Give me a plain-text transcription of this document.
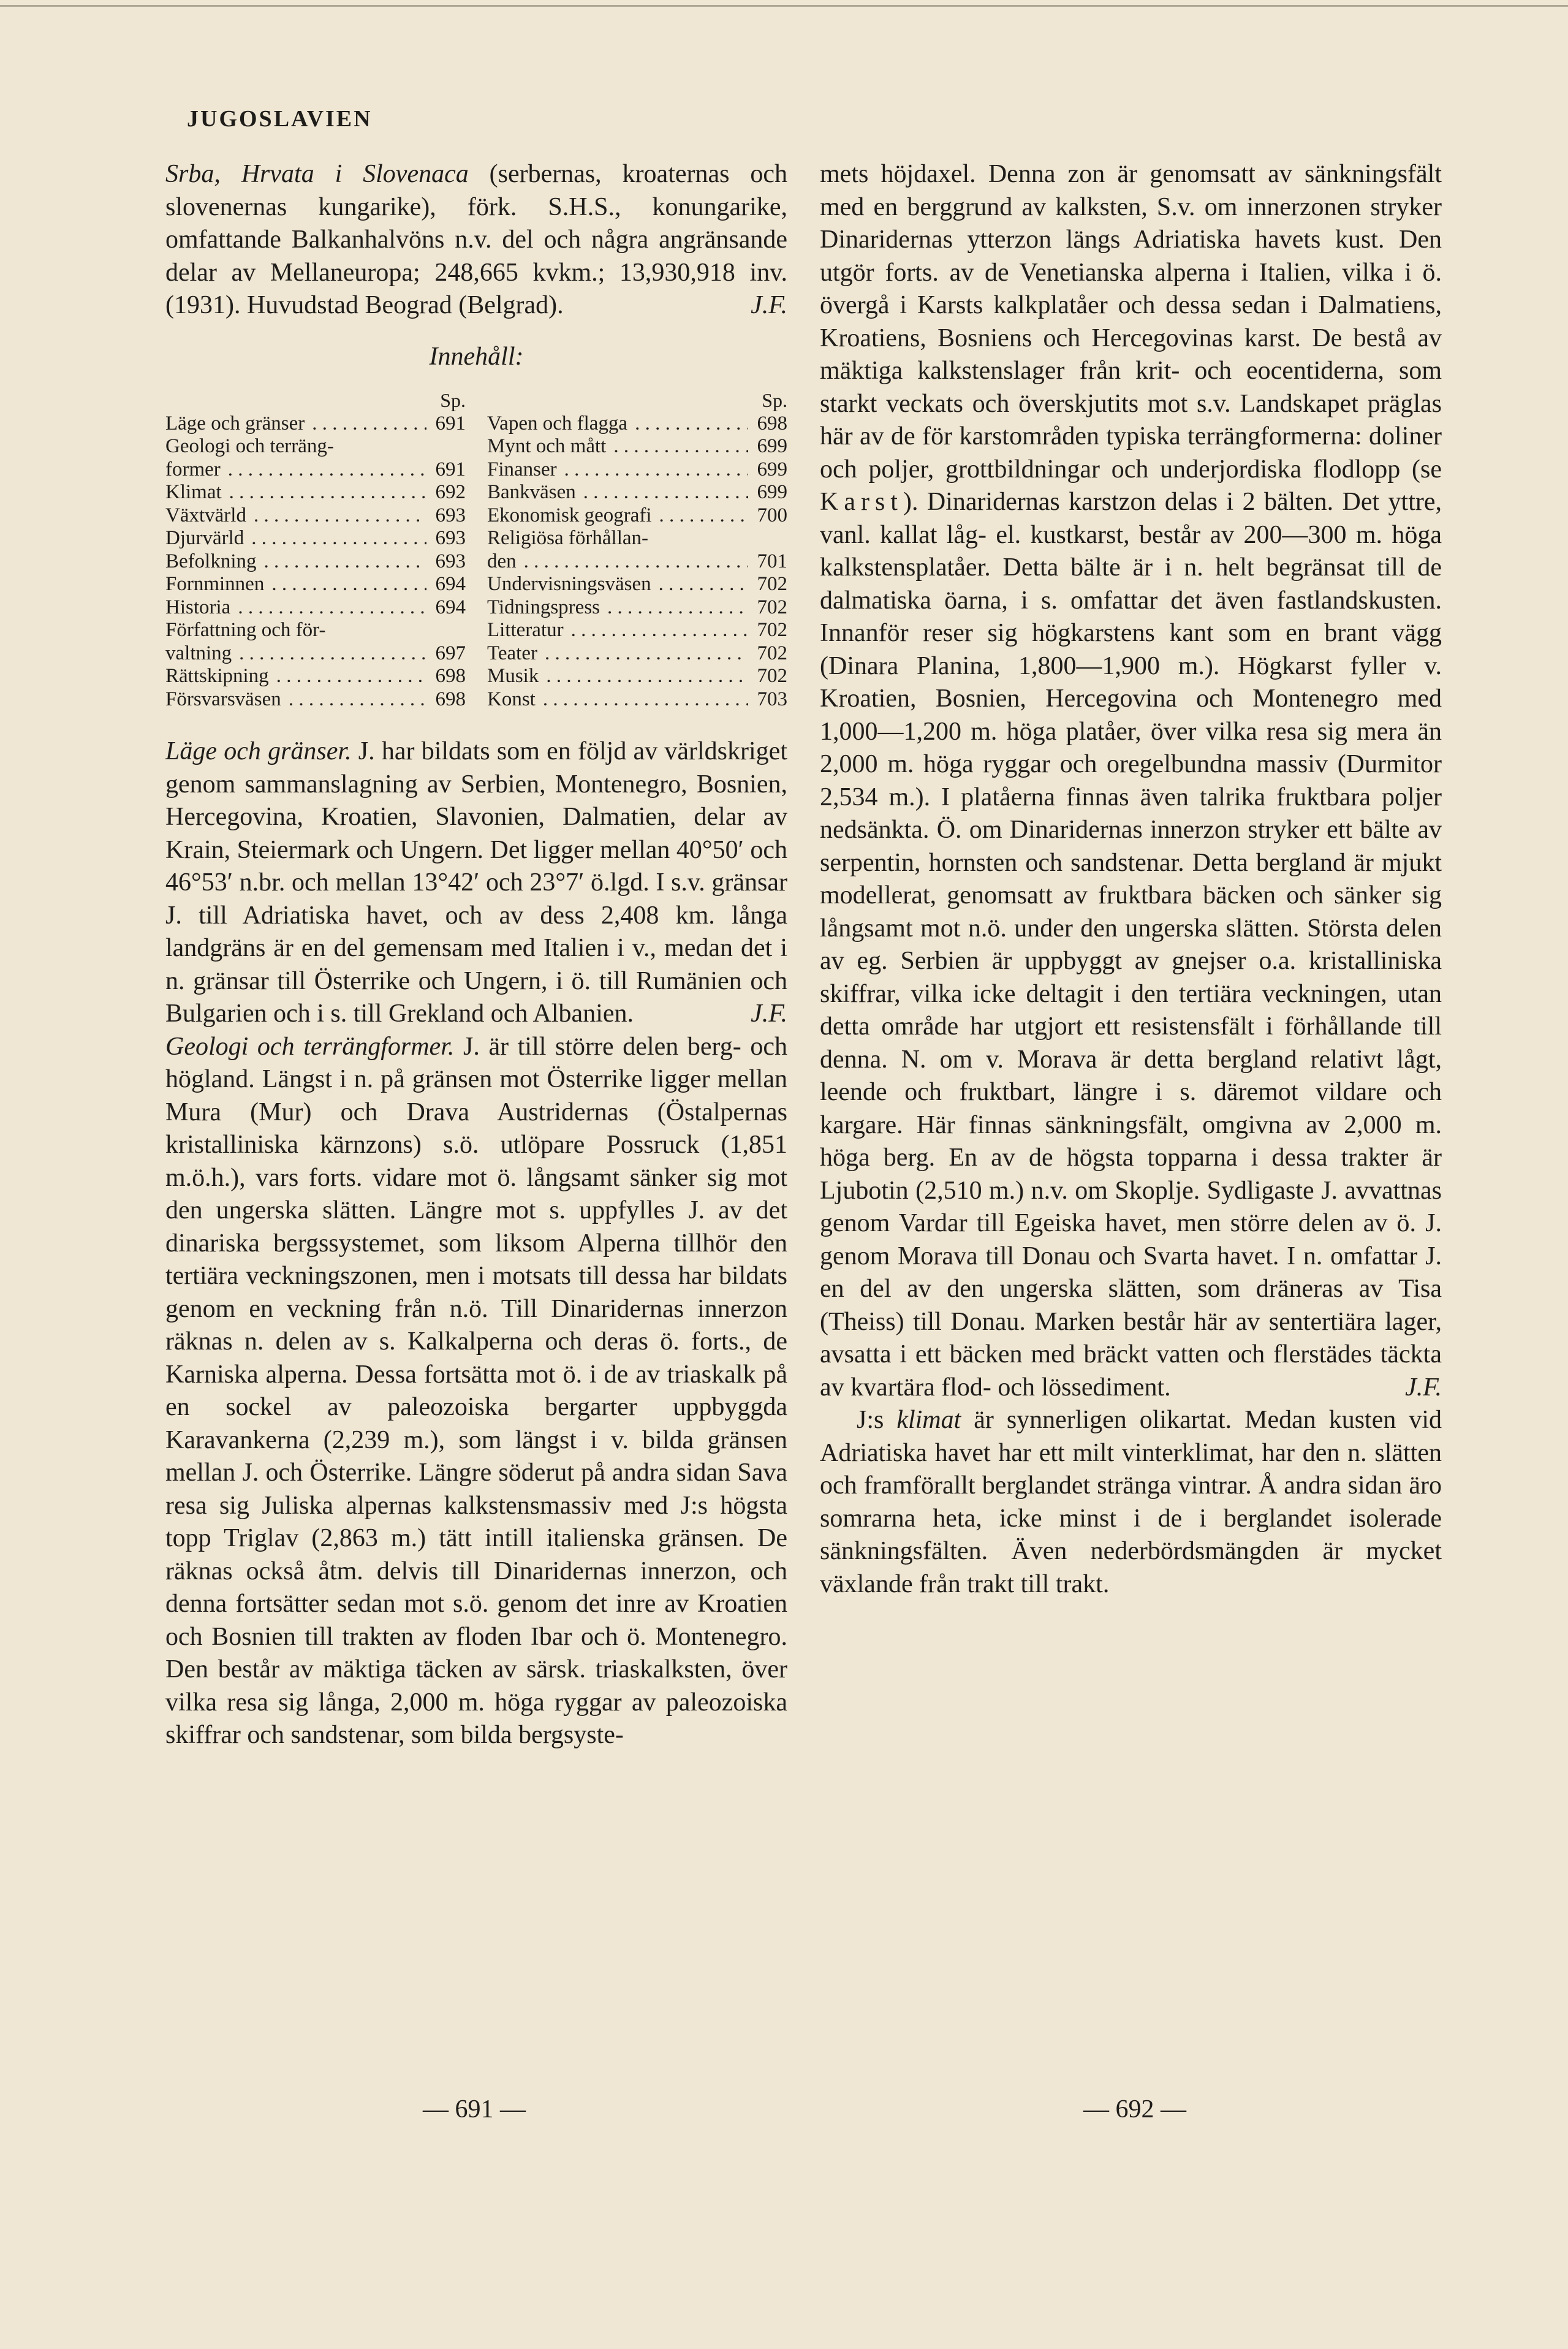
JUGOSLAVIEN

Srba, Hrvata i Slovenaca (serbernas, kroaternas och slovenernas kungarike), förk. S.H.S., konungarike, omfattande Balkanhalvöns n.v. del och några angränsande delar av Mellaneuropa; 248,665 kvkm.; 13,930,918 inv. (1931). Huvudstad Beograd (Belgrad).	J.F.

Innehåll:
Sp.
Läge och gränser . . .	691
Geologi och terräng-
former . . .	691
Klimat . . .	692
Växtvärld . . .	693
Djurvärld . . .	693
Befolkning . . .	693
Fornminnen . . .	694
Historia . . .	694
Författning och för-
valtning . . .	697
Rättskipning . . .	698
Försvarsväsen . . .	698
Sp.
Vapen och flagga . . .	698
Mynt och mått . . .	699
Finanser . . .	699
Bankväsen . . .	699
Ekonomisk geografi . . .	700
Religiösa förhållan-
den . . .	701
Undervisningsväsen . . .	702
Tidningspress . . .	702
Litteratur . . .	702
Teater . . .	702
Musik . . .	702
Konst . . .	703

Läge och gränser. J. har bildats som en följd av världskriget genom sammanslagning av Serbien, Montenegro, Bosnien, Hercegovina, Kroatien, Slavonien, Dalmatien, delar av Krain, Steiermark och Ungern. Det ligger mellan 40°50′ och 46°53′ n.br. och mellan 13°42′ och 23°7′ ö.lgd. I s.v. gränsar J. till Adriatiska havet, och av dess 2,408 km. långa landgräns är en del gemensam med Italien i v., medan det i n. gränsar till Österrike och Ungern, i ö. till Rumänien och Bulgarien och i s. till Grekland och Albanien.	J.F.

Geologi och terrängformer. J. är till större delen berg- och högland. Längst i n. på gränsen mot Österrike ligger mellan Mura (Mur) och Drava Austridernas (Östalpernas kristalliniska kärnzons) s.ö. utlöpare Possruck (1,851 m.ö.h.), vars forts. vidare mot ö. långsamt sänker sig mot den ungerska slätten. Längre mot s. uppfylles J. av det dinariska bergssystemet, som liksom Alperna tillhör den tertiära veckningszonen, men i motsats till dessa har bildats genom en veckning från n.ö. Till Dinaridernas innerzon räknas n. delen av s. Kalkalperna och deras ö. forts., de Karniska alperna. Dessa fortsätta mot ö. i de av triaskalk på en sockel av paleozoiska bergarter uppbyggda Karavankerna (2,239 m.), som längst i v. bilda gränsen mellan J. och Österrike. Längre söderut på andra sidan Sava resa sig Juliska alpernas kalkstensmassiv med J:s högsta topp Triglav (2,863 m.) tätt intill italienska gränsen. De räknas också åtm. delvis till Dinaridernas innerzon, och denna fortsätter sedan mot s.ö. genom det inre av Kroatien och Bosnien till trakten av floden Ibar och ö. Montenegro. Den består av mäktiga täcken av särsk. triaskalksten, över vilka resa sig långa, 2,000 m. höga ryggar av paleozoiska skiffrar och sandstenar, som bilda bergsyste-

mets höjdaxel. Denna zon är genomsatt av sänkningsfält med en berggrund av kalksten, S.v. om innerzonen stryker Dinaridernas ytterzon längs Adriatiska havets kust. Den utgör forts. av de Venetianska alperna i Italien, vilka i ö. övergå i Karsts kalkplatåer och dessa sedan i Dalmatiens, Kroatiens, Bosniens och Hercegovinas karst. De bestå av mäktiga kalkstenslager från krit- och eocentiderna, som starkt veckats och överskjutits mot s.v. Landskapet präglas här av de för karstområden typiska terrängformerna: doliner och poljer, grottbildningar och underjordiska flodlopp (se Karst). Dinaridernas karstzon delas i 2 bälten. Det yttre, vanl. kallat låg- el. kustkarst, består av 200—300 m. höga kalkstensplatåer. Detta bälte är i n. helt begränsat till de dalmatiska öarna, i s. omfattar det även fastlandskusten. Innanför reser sig högkarstens kant som en brant vägg (Dinara Planina, 1,800—1,900 m.). Högkarst fyller v. Kroatien, Bosnien, Hercegovina och Montenegro med 1,000—1,200 m. höga platåer, över vilka resa sig mera än 2,000 m. höga ryggar och oregelbundna massiv (Durmitor 2,534 m.). I platåerna finnas även talrika fruktbara poljer nedsänkta. Ö. om Dinaridernas innerzon stryker ett bälte av serpentin, hornsten och sandstenar. Detta bergland är mjukt modellerat, genomsatt av fruktbara bäcken och sänker sig långsamt mot n.ö. under den ungerska slätten. Största delen av eg. Serbien är uppbyggt av gnejser o.a. kristalliniska skiffrar, vilka icke deltagit i den tertiära veckningen, utan detta område har utgjort ett resistensfält i förhållande till denna. N. om v. Morava är detta bergland relativt lågt, leende och fruktbart, längre i s. däremot vildare och kargare. Här finnas sänkningsfält, omgivna av 2,000 m. höga berg. En av de högsta topparna i dessa trakter är Ljubotin (2,510 m.) n.v. om Skoplje. Sydligaste J. avvattnas genom Vardar till Egeiska havet, men större delen av ö. J. genom Morava till Donau och Svarta havet. I n. omfattar J. en del av den ungerska slätten, som dräneras av Tisa (Theiss) till Donau. Marken består här av sentertiära lager, avsatta i ett bäcken med bräckt vatten och flerstädes täckta av kvartära flod- och lössediment.	J.F.

J:s klimat är synnerligen olikartat. Medan kusten vid Adriatiska havet har ett milt vinterklimat, har den n. slätten och framförallt berglandet stränga vintrar. Å andra sidan äro somrarna heta, icke minst i de i berglandet isolerade sänkningsfälten. Även nederbördsmängden är mycket växlande från trakt till trakt.

— 691 —	— 692 —
